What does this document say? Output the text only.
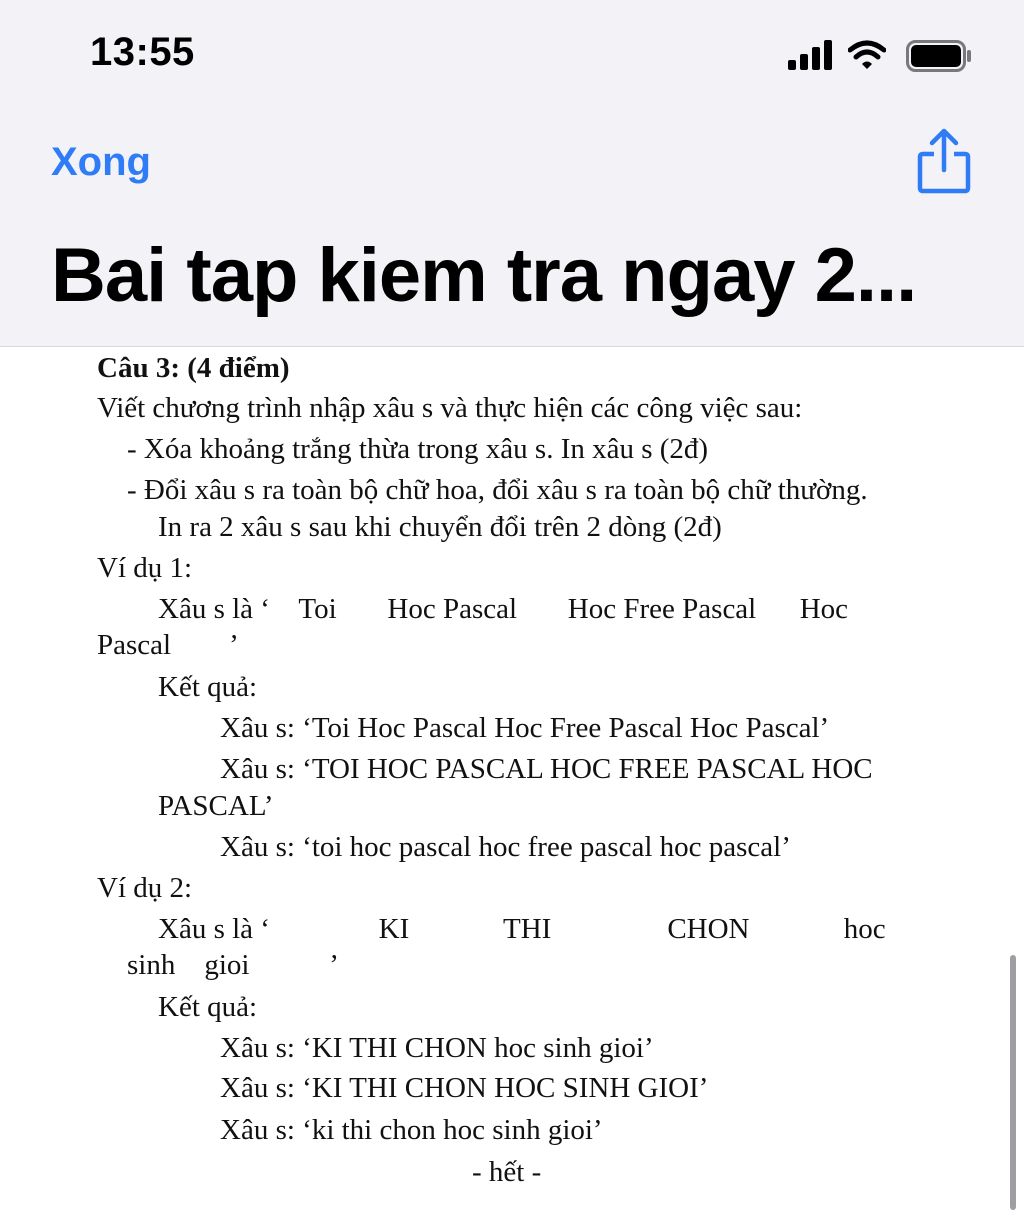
13:55
Xong
Bai tap kiem tra ngay 2...
Câu 3: (4 điểm)
Viết chương trình nhập xâu s và thực hiện các công việc sau:
- Xóa khoảng trắng thừa trong xâu s. In xâu s (2đ)
- Đổi xâu s ra toàn bộ chữ hoa, đổi xâu s ra toàn bộ chữ thường.
In ra 2 xâu s sau khi chuyển đổi trên 2 dòng (2đ)
Ví dụ 1:
Xâu s là ‘    Toi       Hoc Pascal       Hoc Free Pascal      Hoc
Pascal        ’
Kết quả:
Xâu s: ‘Toi Hoc Pascal Hoc Free Pascal Hoc Pascal’
Xâu s: ‘TOI HOC PASCAL HOC FREE PASCAL HOC
PASCAL’
Xâu s: ‘toi hoc pascal hoc free pascal hoc pascal’
Ví dụ 2:
Xâu s là ‘               KI             THI                CHON             hoc
sinh    gioi           ’
Kết quả:
Xâu s: ‘KI THI CHON hoc sinh gioi’
Xâu s: ‘KI THI CHON HOC SINH GIOI’
Xâu s: ‘ki thi chon hoc sinh gioi’
- hết -
